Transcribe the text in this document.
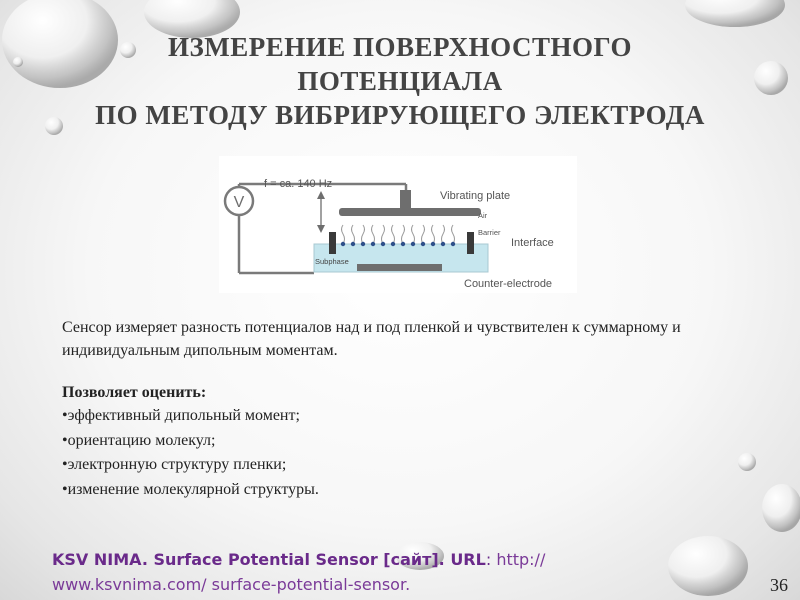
ИЗМЕРЕНИЕ ПОВЕРХНОСТНОГО
ПОТЕНЦИАЛА
ПО МЕТОДУ ВИБРИРУЮЩЕГО ЭЛЕКТРОДА
V
f = ca. 140 Hz
Vibrating plate
Air
Barrier
Interface
Subphase
Counter-electrode

Сенсор измеряет разность потенциалов над и под пленкой и чувствителен к суммарному и индивидуальным дипольным моментам.

Позволяет оценить:

•эффективный дипольный момент;
•ориентацию молекул;
•электронную структуру пленки;
•изменение молекулярной структуры.
KSV NIMA. Surface Potential Sensor [сайт]. URL: http://
www.ksvnima.com/ surface-potential-sensor.	36
